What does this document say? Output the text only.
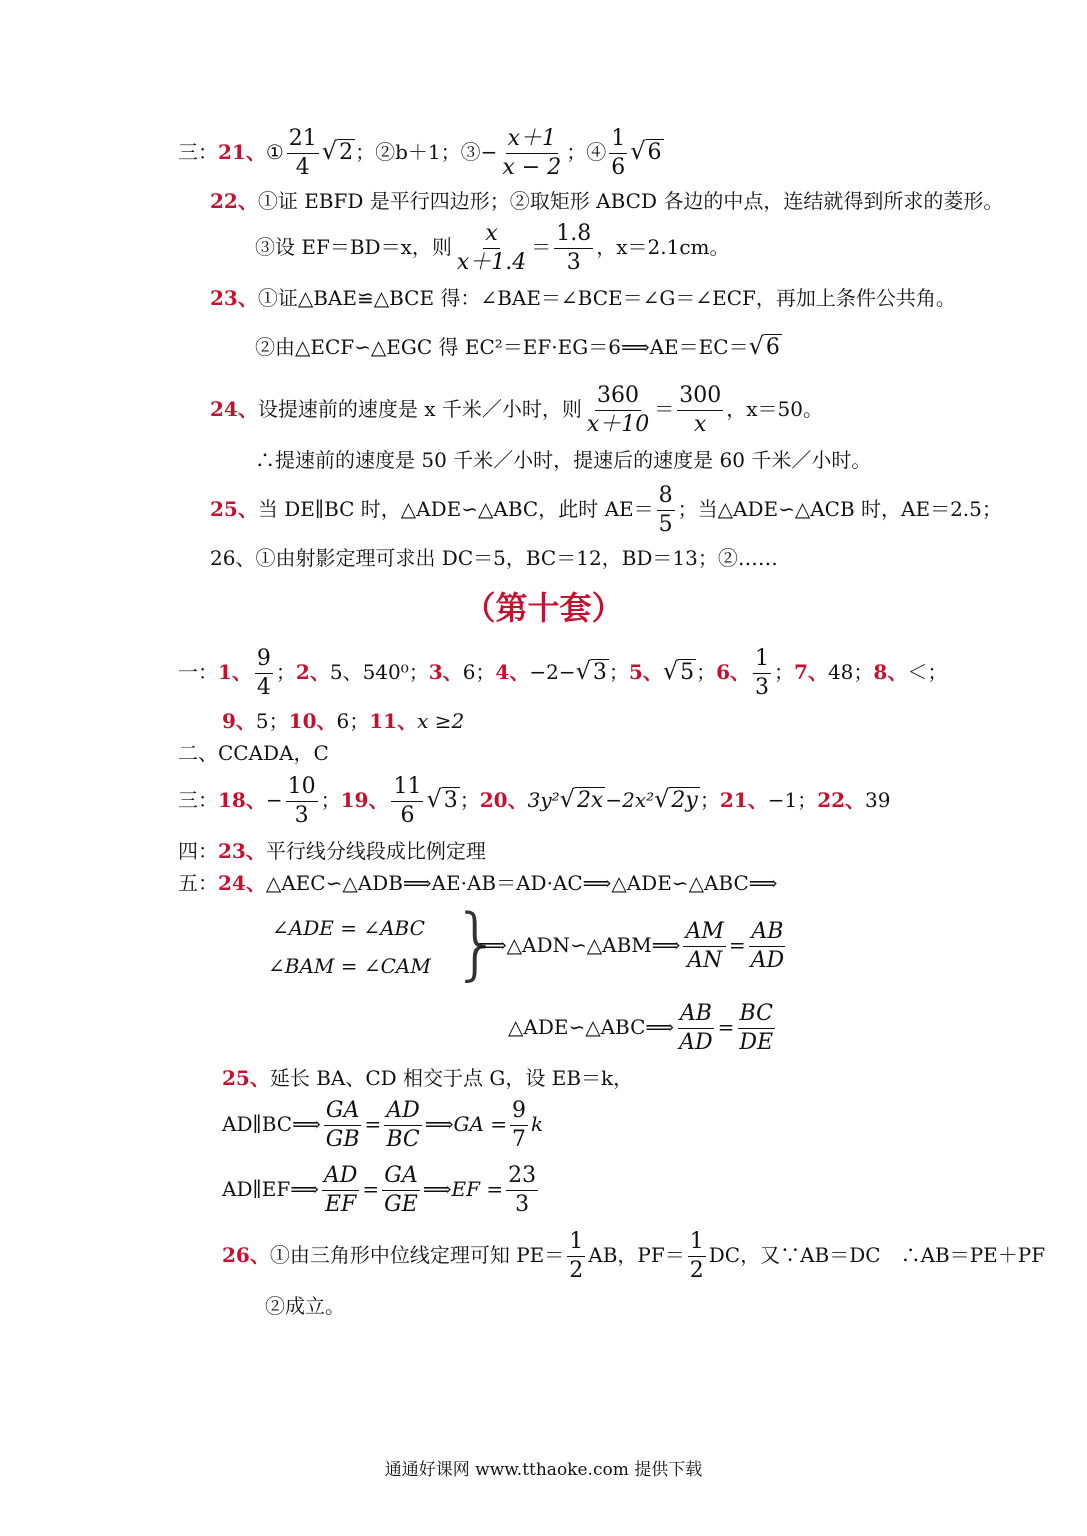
三：21、① $\frac{21}{4} √2$ ；②b＋1；③− $\frac{x+1}{x - 2}$ ；④ $\frac{1}{6} √6$
22、①证 EBFD 是平行四边形；②取矩形 ABCD 各边的中点，连结就得到所求的菱形。
③设 EF＝BD＝x，则 $\frac{x}{x+1.4} = \frac{1.8}{3}$ ，x＝2.1cm。
23、①证△BAE≌△BCE 得：∠BAE＝∠BCE＝∠G＝∠ECF，再加上条件公共角。
②由△ECF∽△EGC 得 EC²＝EF·EG＝6⟹AE＝EC＝√6
24、设提速前的速度是 x 千米／小时，则 $\frac{360}{x+10} = \frac{300}{x}$ ，x＝50。
∴提速前的速度是 50 千米／小时，提速后的速度是 60 千米／小时。
25、当 DE∥BC 时，△ADE∽△ABC，此时 $AE= \frac{8}{5}$ ；当△ADE∽△ACB 时，AE＝2.5；
26、①由射影定理可求出 DC＝5，BC＝12，BD＝13；②……
（第十套）
一：1、 $\frac{9}{4}$ ；2、5、540⁰；3、6；4、−2−√3 ；5、√5 ；6、 $\frac{1}{3}$ ；7、48；8、＜；
9、5；10、6；11、x ≥2
二、CCADA，C
三：18、− $\frac{10}{3}$ ；19、 $\frac{11}{6} √3$ ；20、3y²√2x −2x²√2y ；21、−1；22、39
四：23、平行线分线段成比例定理
五：24、△AEC∽△ADB⟹AE·AB＝AD·AC⟹△ADE∽△ABC⟹
∠ADE = ∠ABC
∠BAM = ∠CAM }
⟹△ADN∽△ABM⟹ $\frac{AM}{AN} = \frac{AB}{AD}$
△ADE∽△ABC⟹ $\frac{AB}{AD} = \frac{BC}{DE}$
25、延长 BA、CD 相交于点 G，设 EB＝k，
AD∥BC⟹ $\frac{GA}{GB} = \frac{AD}{BC}$ ⟹GA = $\frac{9}{7}$ k
AD∥EF⟹ $\frac{AD}{EF} = \frac{GA}{GE}$ ⟹EF = $\frac{23}{3}$
26、①由三角形中位线定理可知 $PE= \frac{1}{2}$ AB，$PF= \frac{1}{2}$ DC，又∵AB＝DC　∴AB＝PE＋PF
②成立。
通通好课网 www.tthaoke.com 提供下载
